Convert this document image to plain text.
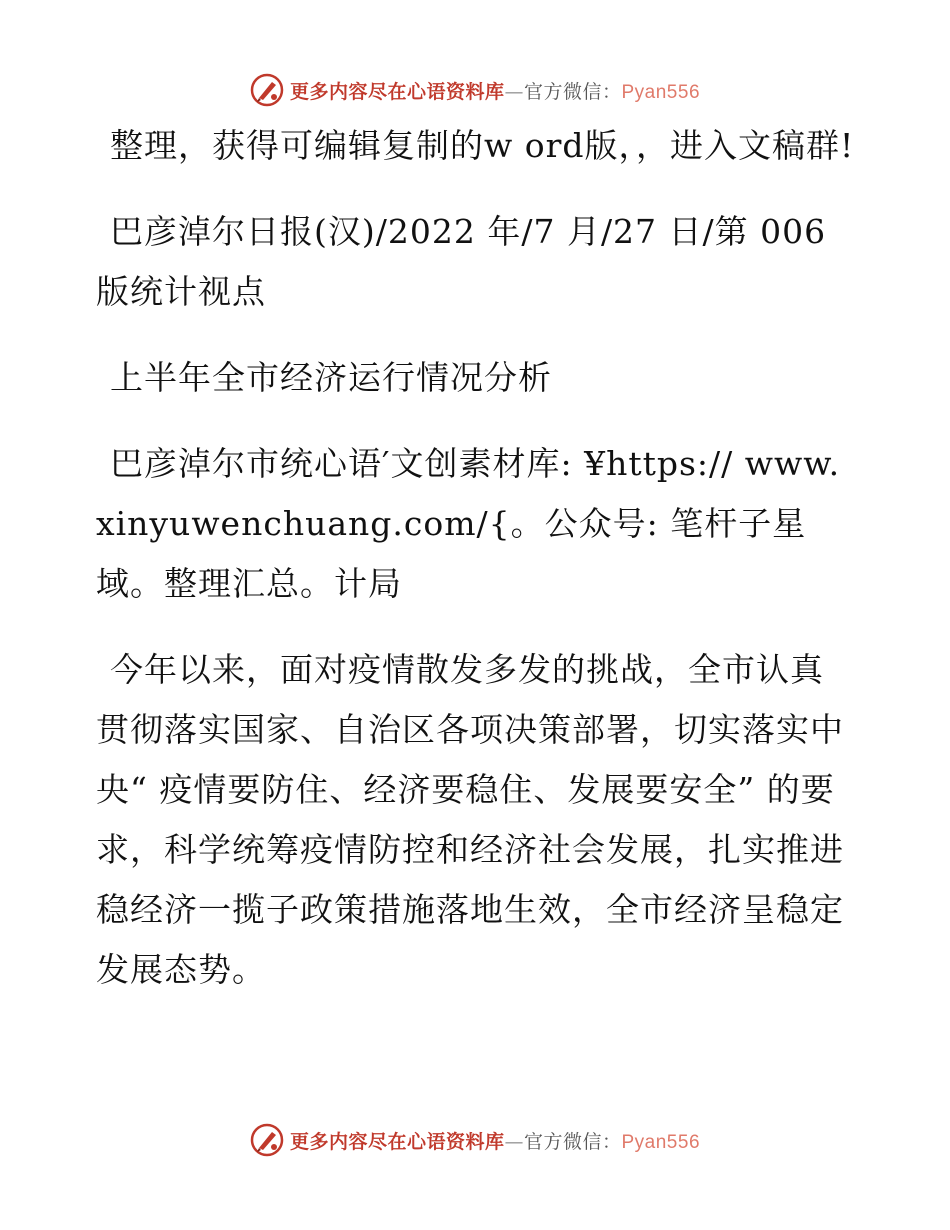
更多内容尽在心语资料库—官方微信：Pyan556

整理，获得可编辑复制的w ord版，，进入文稿群!

巴彦淖尔日报(汉)/2022 年/7 月/27 日/第 006 版统计视点

上半年全市经济运行情况分析

巴彦淖尔市统心语′文创素材库: ¥https:// www.xinyuwenchuang.com/{。公众号: 笔杆子星域。整理汇总。计局

今年以来，面对疫情散发多发的挑战，全市认真贯彻落实国家、自治区各项决策部署，切实落实中央“ 疫情要防住、经济要稳住、发展要安全” 的要求，科学统筹疫情防控和经济社会发展，扎实推进稳经济一揽子政策措施落地生效，全市经济呈稳定发展态势。

更多内容尽在心语资料库—官方微信：Pyan556
